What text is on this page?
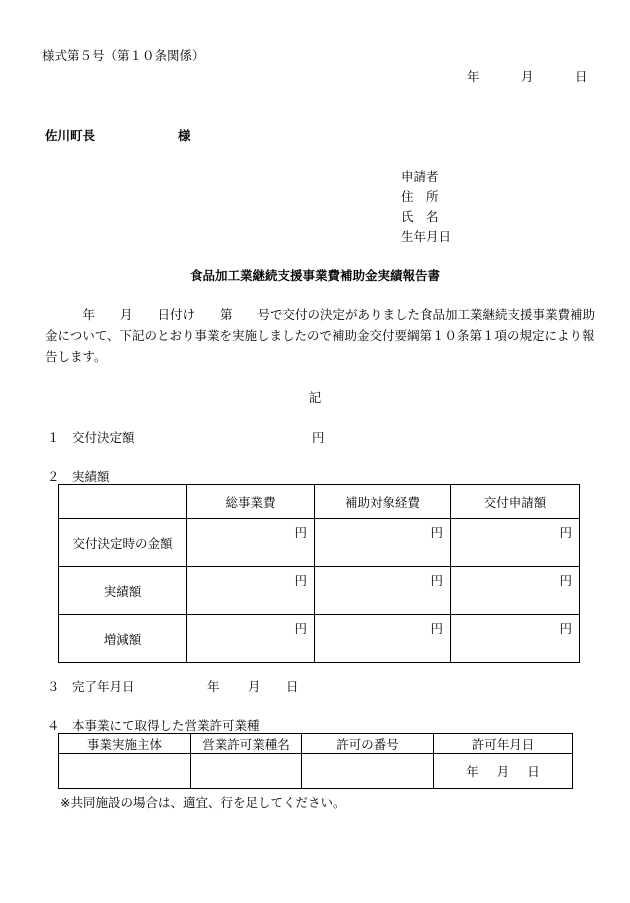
様式第５号（第１０条関係）
年	月	日
佐川町長	様
申請者
住　所
氏　名
生年月日
食品加工業継続支援事業費補助金実績報告書
　　　年　　月　　日付け　　第　　号で交付の決定がありました食品加工業継続支援事業費補助金について、下記のとおり事業を実施しましたので補助金交付要綱第１０条第１項の規定により報告します。
記
１　交付決定額	円
２　実績額
	総事業費	補助対象経費	交付申請額
交付決定時の金額	円	円	円
実績額	円	円	円
増減額	円	円	円
３　完了年月日	年 月 日
４　本事業にて取得した営業許可業種
事業実施主体	営業許可業種名	許可の番号	許可年月日
			年 月 日
※共同施設の場合は、適宜、行を足してください。
